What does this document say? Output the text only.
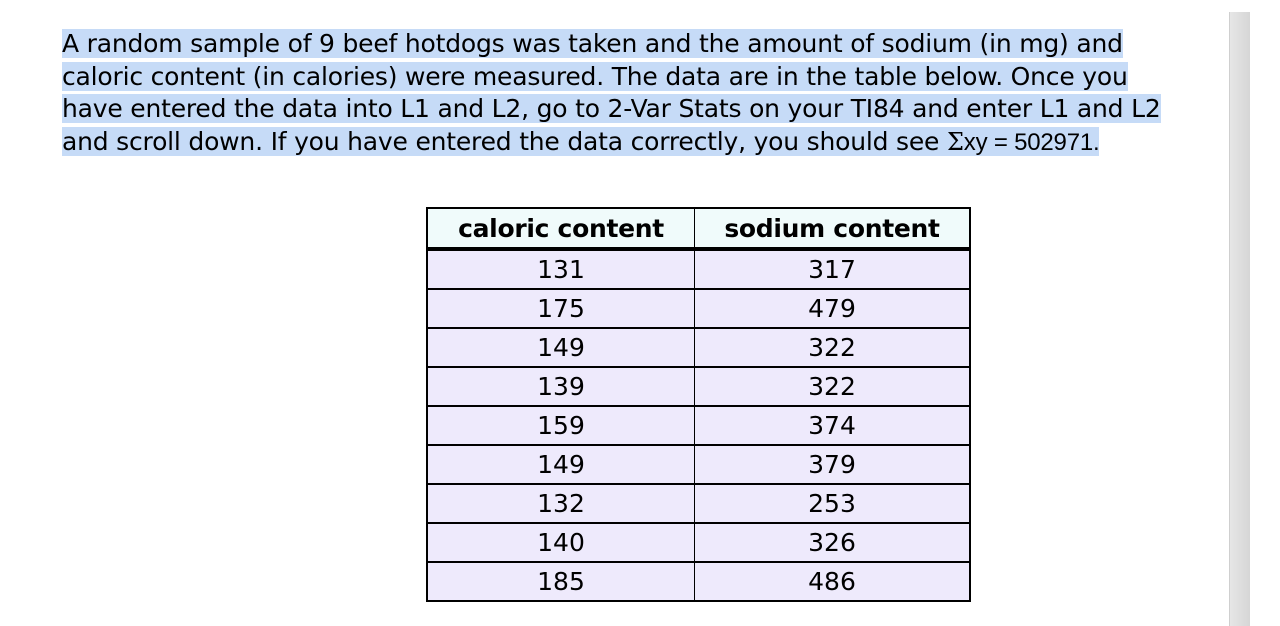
A random sample of 9 beef hotdogs was taken and the amount of sodium (in mg) and
caloric content (in calories) were measured. The data are in the table below. Once you
have entered the data into L1 and L2, go to 2-Var Stats on your TI84 and enter L1 and L2
and scroll down. If you have entered the data correctly, you should see Σxy = 502971.
caloric content	sodium content
131	317
175	479
149	322
139	322
159	374
149	379
132	253
140	326
185	486
